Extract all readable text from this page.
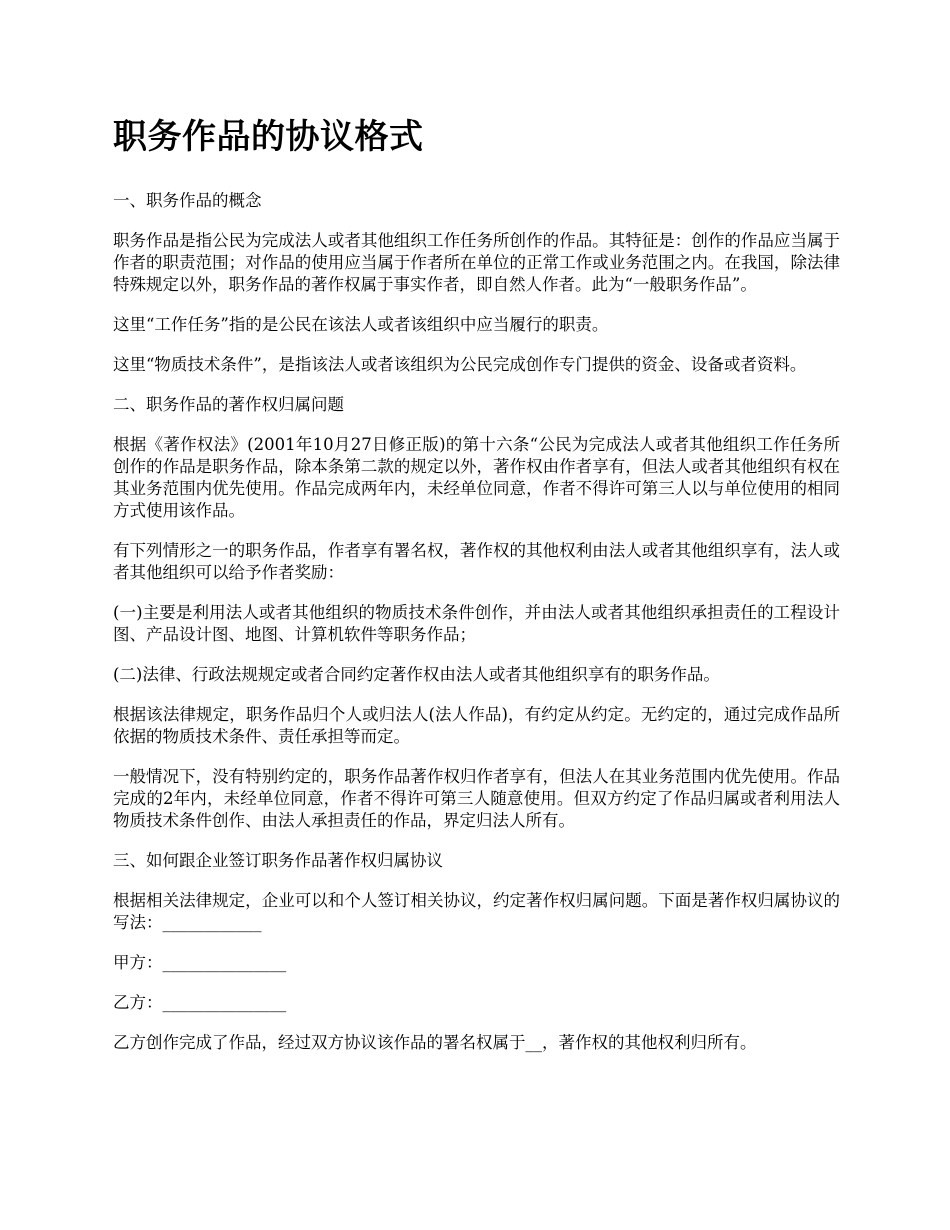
职务作品的协议格式

一、职务作品的概念

职务作品是指公民为完成法人或者其他组织工作任务所创作的作品。其特征是：创作的作品应当属于作者的职责范围；对作品的使用应当属于作者所在单位的正常工作或业务范围之内。在我国，除法律特殊规定以外，职务作品的著作权属于事实作者，即自然人作者。此为“一般职务作品”。

这里“工作任务”指的是公民在该法人或者该组织中应当履行的职责。

这里“物质技术条件”，是指该法人或者该组织为公民完成创作专门提供的资金、设备或者资料。

二、职务作品的著作权归属问题

根据《著作权法》(2001年10月27日修正版)的第十六条“公民为完成法人或者其他组织工作任务所创作的作品是职务作品，除本条第二款的规定以外，著作权由作者享有，但法人或者其他组织有权在其业务范围内优先使用。作品完成两年内，未经单位同意，作者不得许可第三人以与单位使用的相同方式使用该作品。

有下列情形之一的职务作品，作者享有署名权，著作权的其他权利由法人或者其他组织享有，法人或者其他组织可以给予作者奖励：

(一)主要是利用法人或者其他组织的物质技术条件创作，并由法人或者其他组织承担责任的工程设计图、产品设计图、地图、计算机软件等职务作品；

(二)法律、行政法规规定或者合同约定著作权由法人或者其他组织享有的职务作品。

根据该法律规定，职务作品归个人或归法人(法人作品)，有约定从约定。无约定的，通过完成作品所依据的物质技术条件、责任承担等而定。

一般情况下，没有特别约定的，职务作品著作权归作者享有，但法人在其业务范围内优先使用。作品完成的2年内，未经单位同意，作者不得许可第三人随意使用。但双方约定了作品归属或者利用法人物质技术条件创作、由法人承担责任的作品，界定归法人所有。

三、如何跟企业签订职务作品著作权归属协议

根据相关法律规定，企业可以和个人签订相关协议，约定著作权归属问题。下面是著作权归属协议的写法：____________

甲方：_______________

乙方：_______________

乙方创作完成了作品，经过双方协议该作品的署名权属于__，著作权的其他权利归所有。
